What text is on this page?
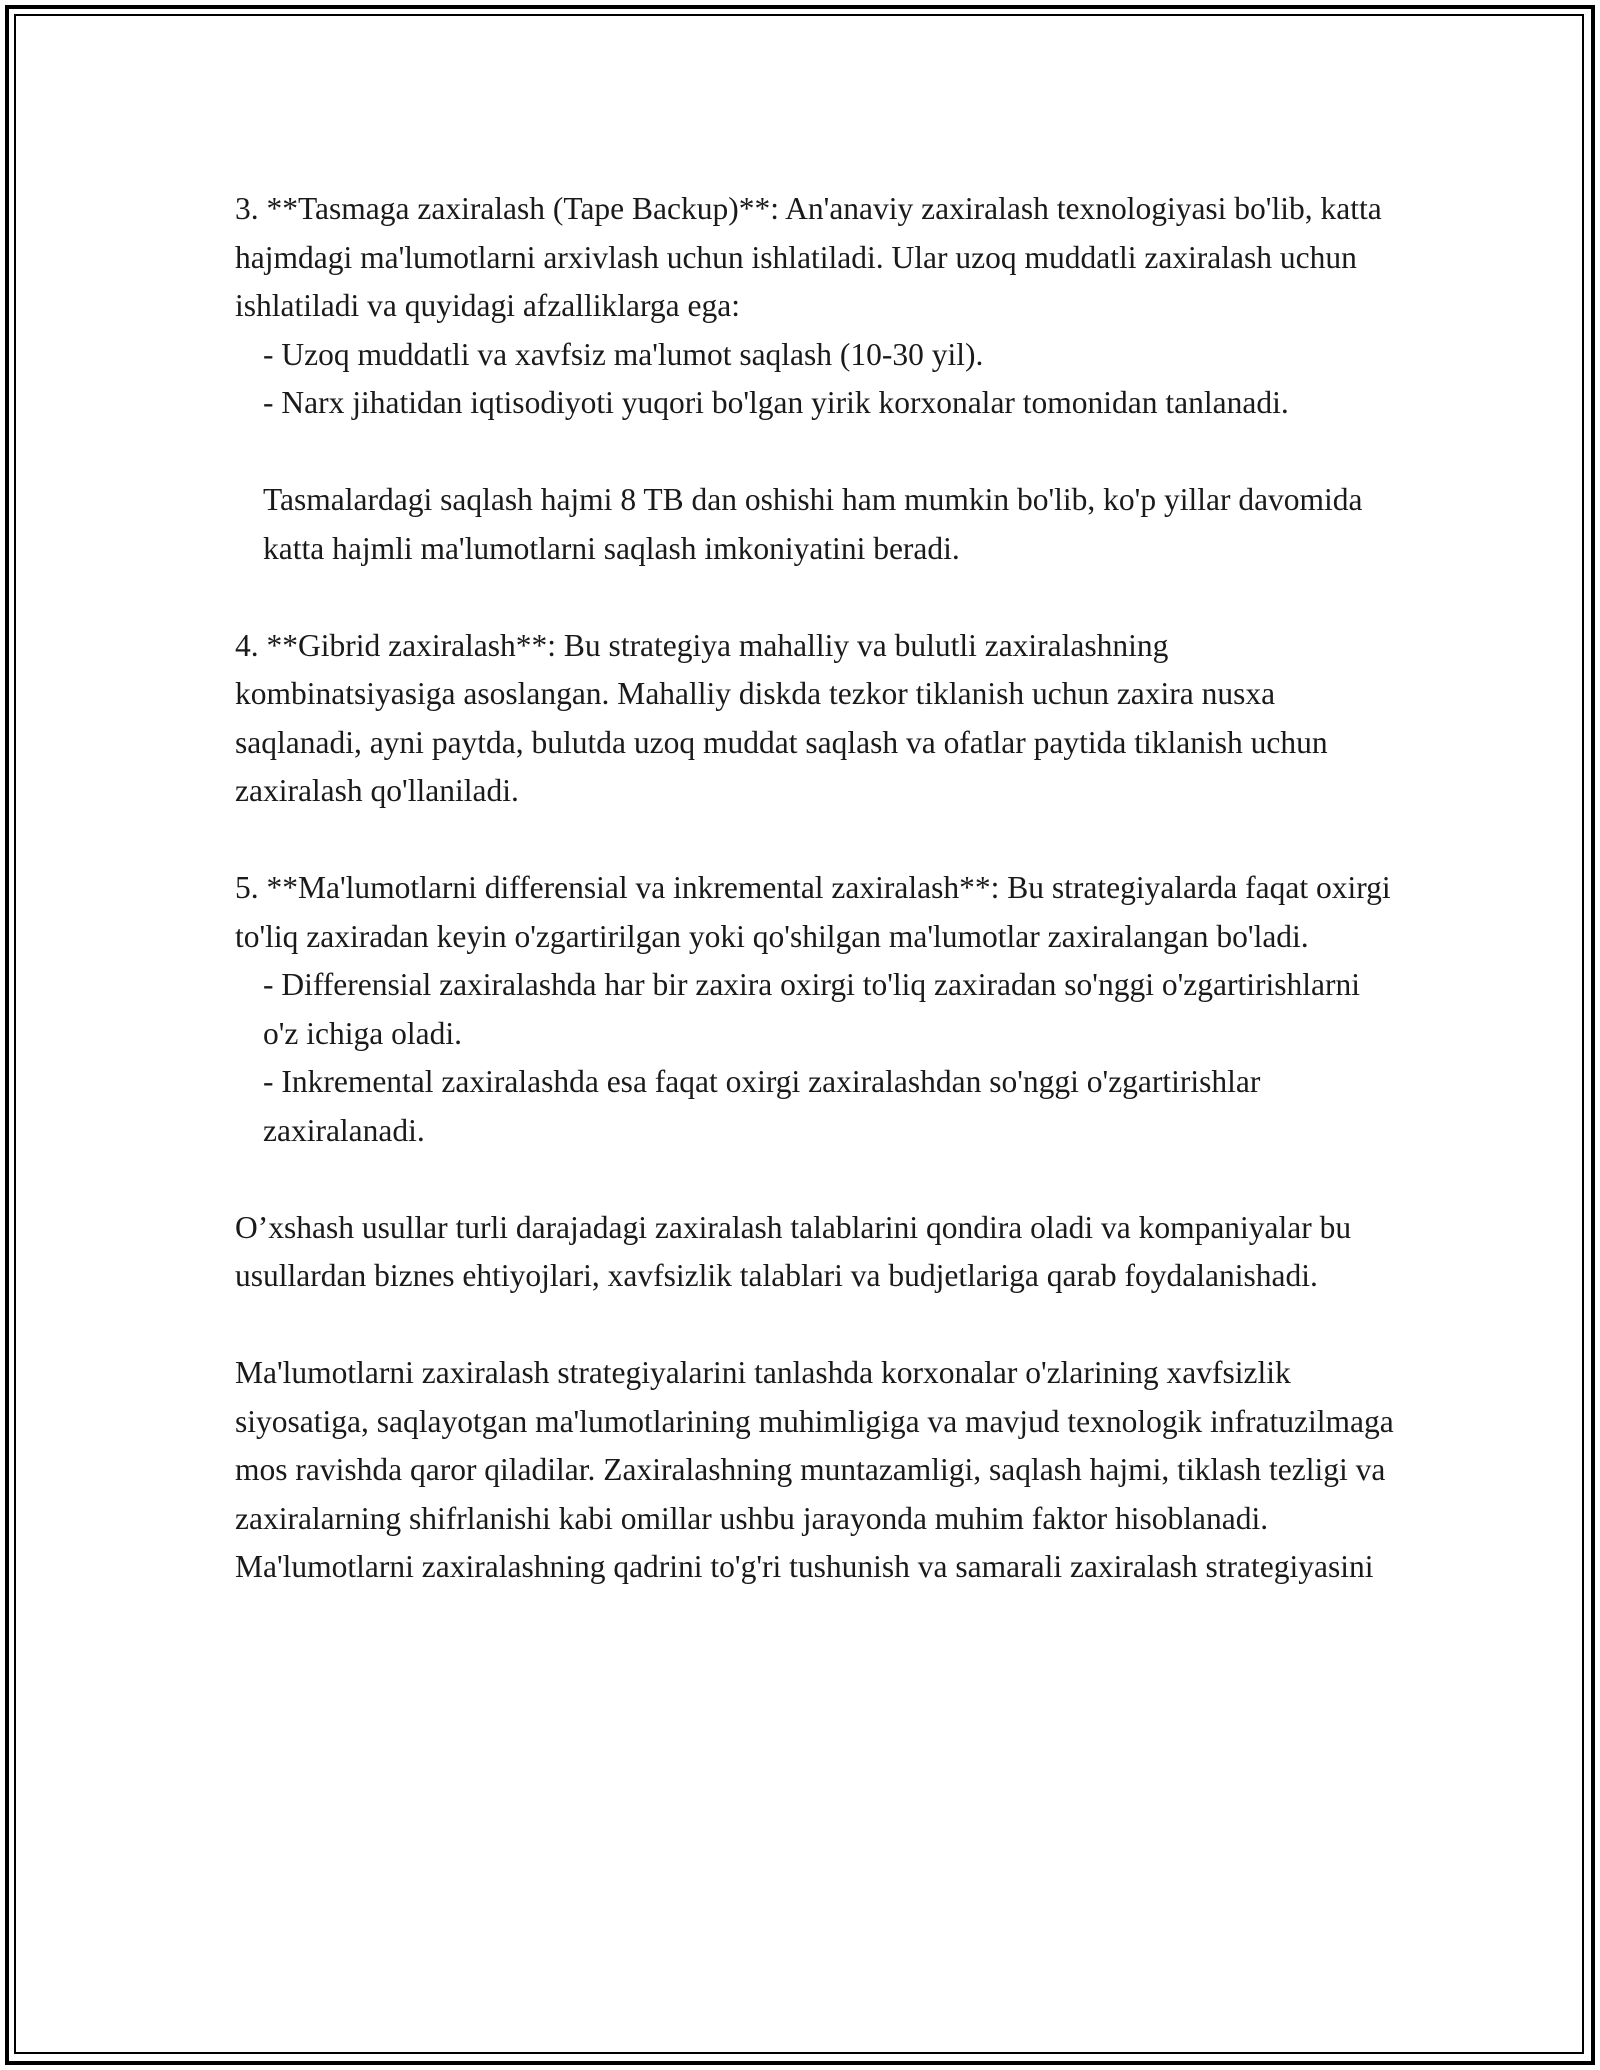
3. **Tasmaga zaxiralash (Tape Backup)**: An'anaviy zaxiralash texnologiyasi bo'lib, katta hajmdagi ma'lumotlarni arxivlash uchun ishlatiladi. Ular uzoq muddatli zaxiralash uchun ishlatiladi va quyidagi afzalliklarga ega:

- Uzoq muddatli va xavfsiz ma'lumot saqlash (10-30 yil).

- Narx jihatidan iqtisodiyoti yuqori bo'lgan yirik korxonalar tomonidan tanlanadi.

Tasmalardagi saqlash hajmi 8 TB dan oshishi ham mumkin bo'lib, ko'p yillar davomida katta hajmli ma'lumotlarni saqlash imkoniyatini beradi.

4. **Gibrid zaxiralash**: Bu strategiya mahalliy va bulutli zaxiralashning kombinatsiyasiga asoslangan. Mahalliy diskda tezkor tiklanish uchun zaxira nusxa saqlanadi, ayni paytda, bulutda uzoq muddat saqlash va ofatlar paytida tiklanish uchun zaxiralash qo'llaniladi.

5. **Ma'lumotlarni differensial va inkremental zaxiralash**: Bu strategiyalarda faqat oxirgi to'liq zaxiradan keyin o'zgartirilgan yoki qo'shilgan ma'lumotlar zaxiralangan bo'ladi.

- Differensial zaxiralashda har bir zaxira oxirgi to'liq zaxiradan so'nggi o'zgartirishlarni o'z ichiga oladi.

- Inkremental zaxiralashda esa faqat oxirgi zaxiralashdan so'nggi o'zgartirishlar zaxiralanadi.

O’xshash usullar turli darajadagi zaxiralash talablarini qondira oladi va kompaniyalar bu usullardan biznes ehtiyojlari, xavfsizlik talablari va budjetlariga qarab foydalanishadi.

Ma'lumotlarni zaxiralash strategiyalarini tanlashda korxonalar o'zlarining xavfsizlik siyosatiga, saqlayotgan ma'lumotlarining muhimligiga va mavjud texnologik infratuzilmaga mos ravishda qaror qiladilar. Zaxiralashning muntazamligi, saqlash hajmi, tiklash tezligi va zaxiralarning shifrlanishi kabi omillar ushbu jarayonda muhim faktor hisoblanadi. Ma'lumotlarni zaxiralashning qadrini to'g'ri tushunish va samarali zaxiralash strategiyasini
